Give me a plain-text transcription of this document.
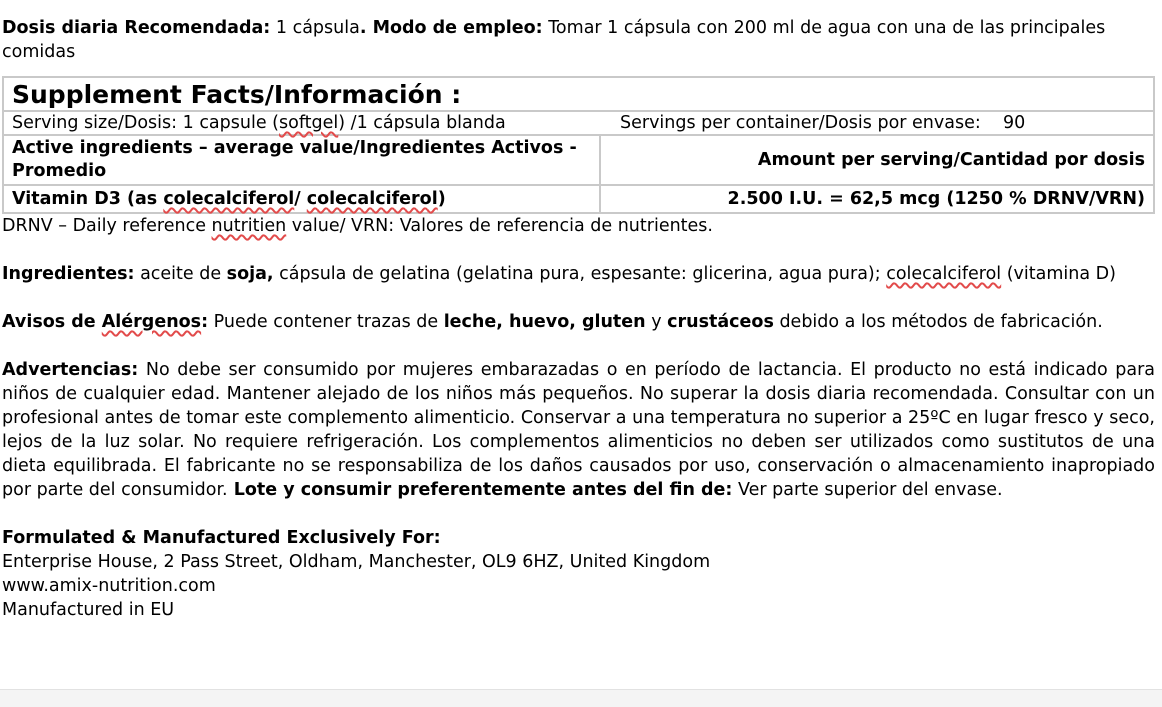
Dosis diaria Recomendada: 1 cápsula. Modo de empleo: Tomar 1 cápsula con 200 ml de agua con una de las principales comidas

Supplement Facts/Información :	
Serving size/Dosis: 1 capsule (softgel) /1 cápsula blanda	Servings per container/Dosis por envase: 90
Active ingredients – average value/Ingredientes Activos - Promedio	Amount per serving/Cantidad por dosis
Vitamin D3 (as colecalciferol/ colecalciferol)	2.500 I.U. = 62,5 mcg (1250 % DRNV/VRN)

DRNV – Daily reference nutritien value/ VRN: Valores de referencia de nutrientes.

Ingredientes: aceite de soja, cápsula de gelatina (gelatina pura, espesante: glicerina, agua pura); colecalciferol (vitamina D)

Avisos de Alérgenos: Puede contener trazas de leche, huevo, gluten y crustáceos debido a los métodos de fabricación.

Advertencias: No debe ser consumido por mujeres embarazadas o en período de lactancia. El producto no está indicado para niños de cualquier edad. Mantener alejado de los niños más pequeños. No superar la dosis diaria recomendada. Consultar con un profesional antes de tomar este complemento alimenticio. Conservar a una temperatura no superior a 25ºC en lugar fresco y seco, lejos de la luz solar. No requiere refrigeración. Los complementos alimenticios no deben ser utilizados como sustitutos de una dieta equilibrada. El fabricante no se responsabiliza de los daños causados por uso, conservación o almacenamiento inapropiado por parte del consumidor. Lote y consumir preferentemente antes del fin de: Ver parte superior del envase.

Formulated & Manufactured Exclusively For:

Enterprise House, 2 Pass Street, Oldham, Manchester, OL9 6HZ, United Kingdom

www.amix-nutrition.com

Manufactured in EU
